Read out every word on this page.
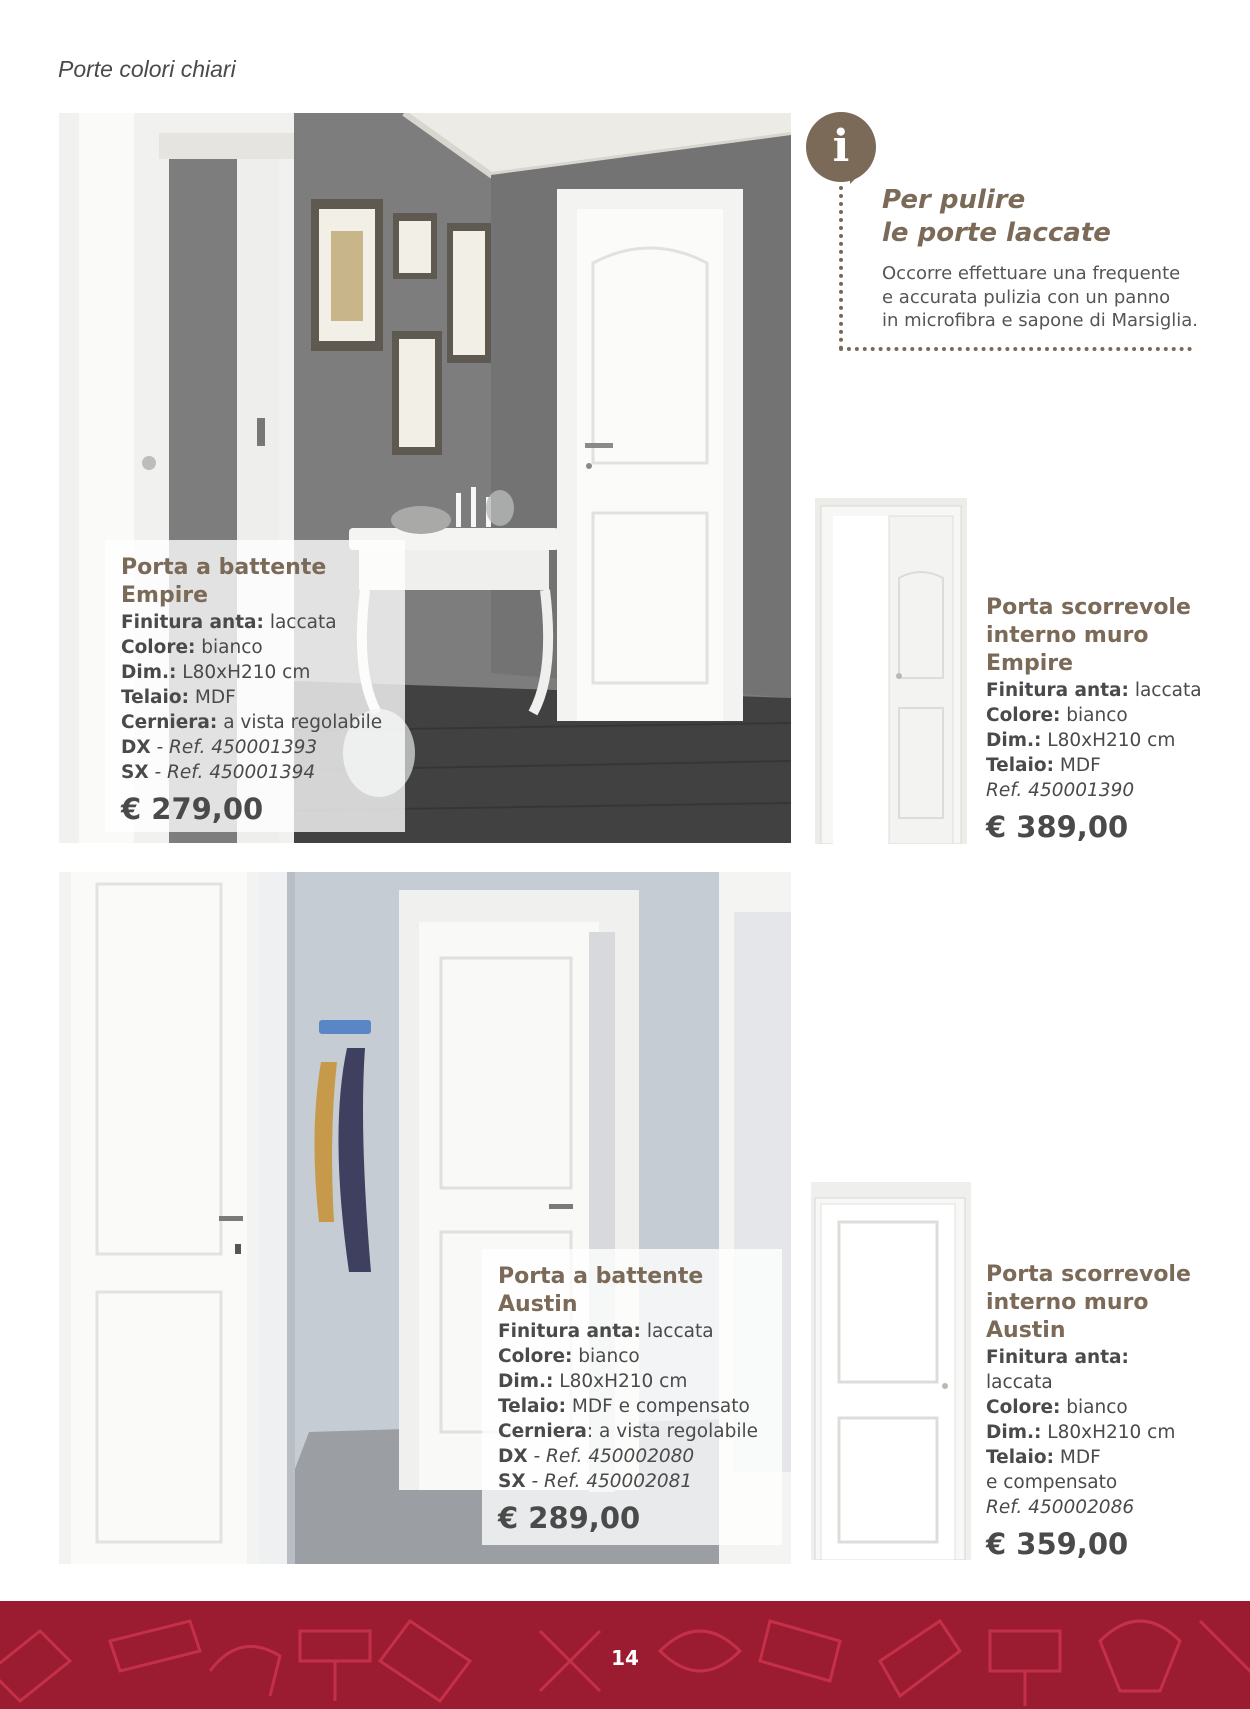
Porte colori chiari
Porta a battente
Empire
Finitura anta: laccata
Colore: bianco
Dim.: L80xH210 cm
Telaio: MDF
Cerniera: a vista regolabile
DX - Ref. 450001393
SX - Ref. 450001394
€ 279,00
i
Per pulire
le porte laccate
Occorre effettuare una frequente
e accurata pulizia con un panno
in microfibra e sapone di Marsiglia.
Porta scorrevole
interno muro
Empire
Finitura anta: laccata
Colore: bianco
Dim.: L80xH210 cm
Telaio: MDF
Ref. 450001390
€ 389,00
Porta a battente
Austin
Finitura anta: laccata
Colore: bianco
Dim.: L80xH210 cm
Telaio: MDF e compensato
Cerniera: a vista regolabile
DX - Ref. 450002080
SX - Ref. 450002081
€ 289,00
Porta scorrevole
interno muro
Austin
Finitura anta:
laccata
Colore: bianco
Dim.: L80xH210 cm
Telaio: MDF
e compensato
Ref. 450002086
€ 359,00
14
